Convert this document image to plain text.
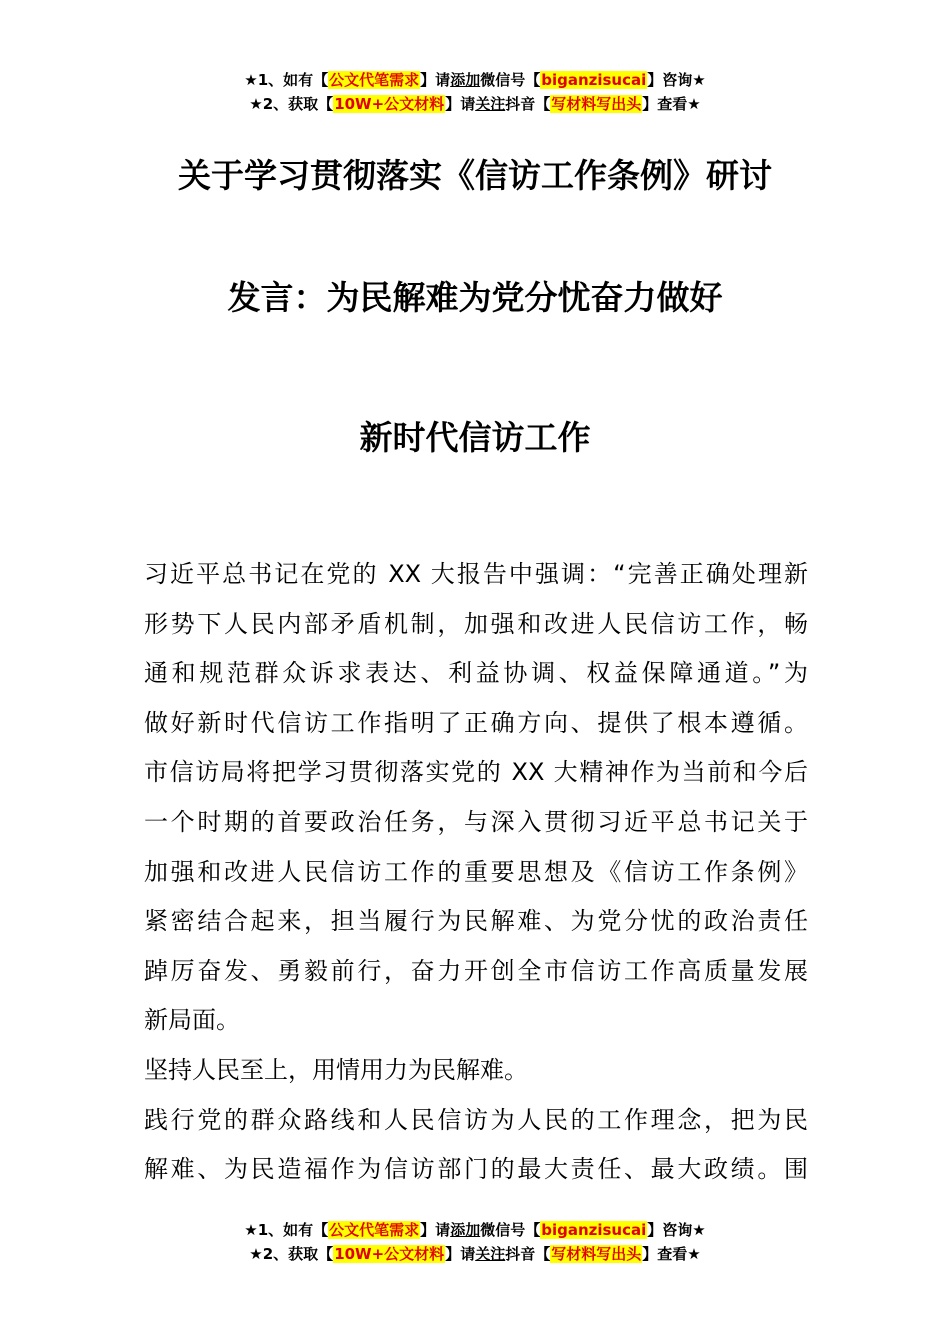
★1、如有【公文代笔需求】请添加微信号【biganzisucai】咨询★
★2、获取【10W+公文材料】请关注抖音【写材料写出头】查看★
关于学习贯彻落实《信访工作条例》研讨
发言：为民解难为党分忧奋力做好
新时代信访工作

习近平总书记在党的 XX 大报告中强调：“完善正确处理新
形势下人民内部矛盾机制，加强和改进人民信访工作，畅
通和规范群众诉求表达、利益协调、权益保障通道。”为
做好新时代信访工作指明了正确方向、提供了根本遵循。
市信访局将把学习贯彻落实党的 XX 大精神作为当前和今后
一个时期的首要政治任务，与深入贯彻习近平总书记关于
加强和改进人民信访工作的重要思想及《信访工作条例》
紧密结合起来，担当履行为民解难、为党分忧的政治责任
踔厉奋发、勇毅前行，奋力开创全市信访工作高质量发展
新局面。

坚持人民至上，用情用力为民解难。

践行党的群众路线和人民信访为人民的工作理念，把为民
解难、为民造福作为信访部门的最大责任、最大政绩。围

★1、如有【公文代笔需求】请添加微信号【biganzisucai】咨询★
★2、获取【10W+公文材料】请关注抖音【写材料写出头】查看★
